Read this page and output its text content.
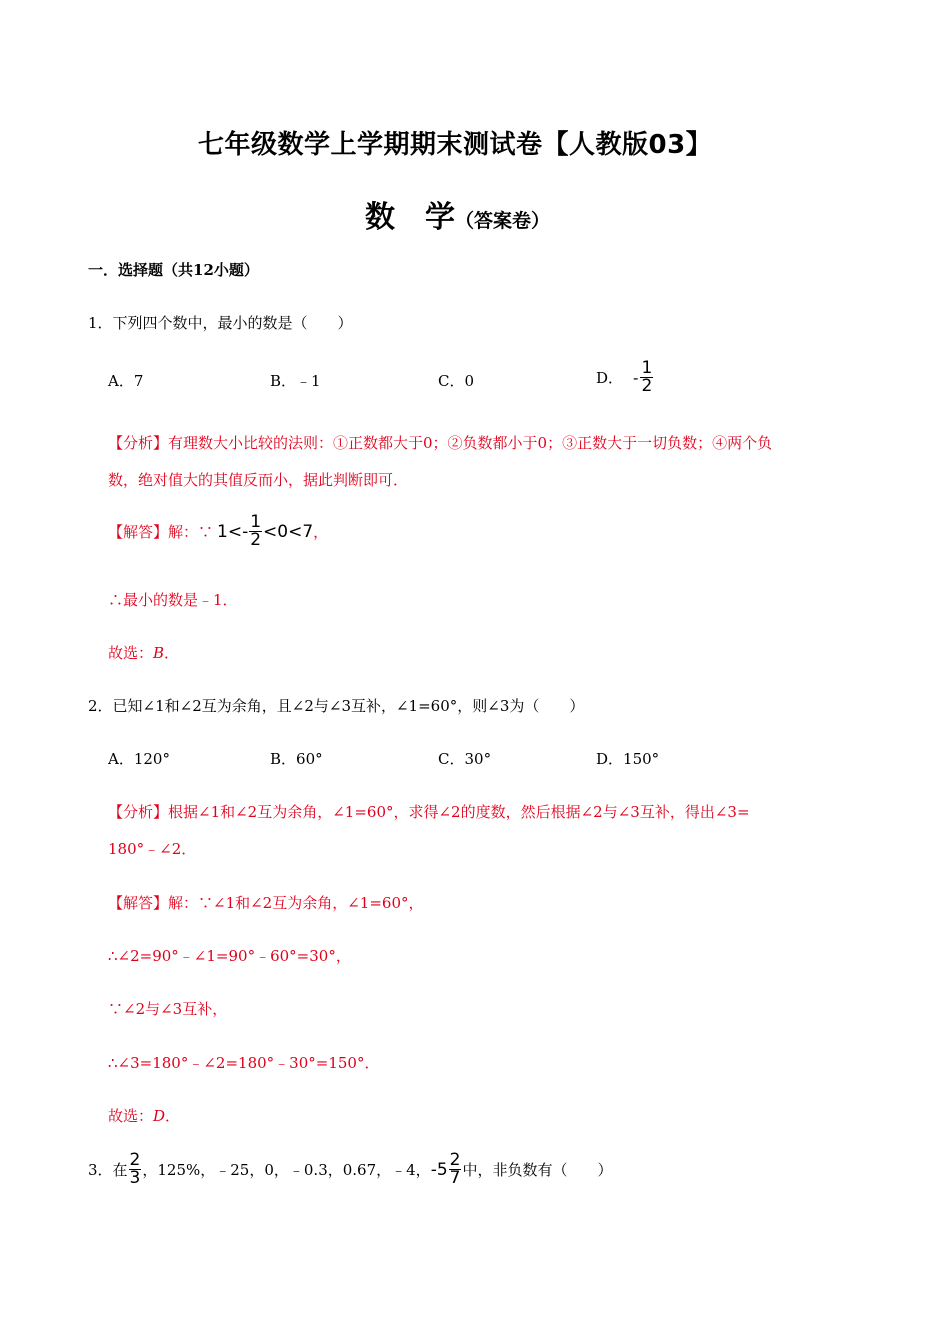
七年级数学上学期期末测试卷【人教版03】
数　学（答案卷）
一．选择题（共12小题）
1．下列四个数中，最小的数是（　　）
A．7	B．﹣1	C．0	D． - $\frac{1}{2}$
【分析】有理数大小比较的法则：①正数都大于0；②负数都小于0；③正数大于一切负数；④两个负
数，绝对值大的其值反而小，据此判断即可．
【解答】解：∵ $1<- \frac{1}{2} <0<7$ ，
∴最小的数是﹣1．
故选：B．
2．已知∠1和∠2互为余角，且∠2与∠3互补，∠1=60°，则∠3为（　　）
A．120°	B．60°	C．30°	D．150°
【分析】根据∠1和∠2互为余角，∠1=60°，求得∠2的度数，然后根据∠2与∠3互补，得出∠3=
180°﹣∠2．
【解答】解：∵∠1和∠2互为余角，∠1=60°，
∴∠2=90°﹣∠1=90°﹣60°=30°，
∵∠2与∠3互补，
∴∠3=180°﹣∠2=180°﹣30°=150°．
故选：D．
3．在 $\frac{2}{3}$ ，125%，﹣25，0，﹣0.3，0.67，﹣4， $-5 \frac{2}{7}$ 中，非负数有（　　）
